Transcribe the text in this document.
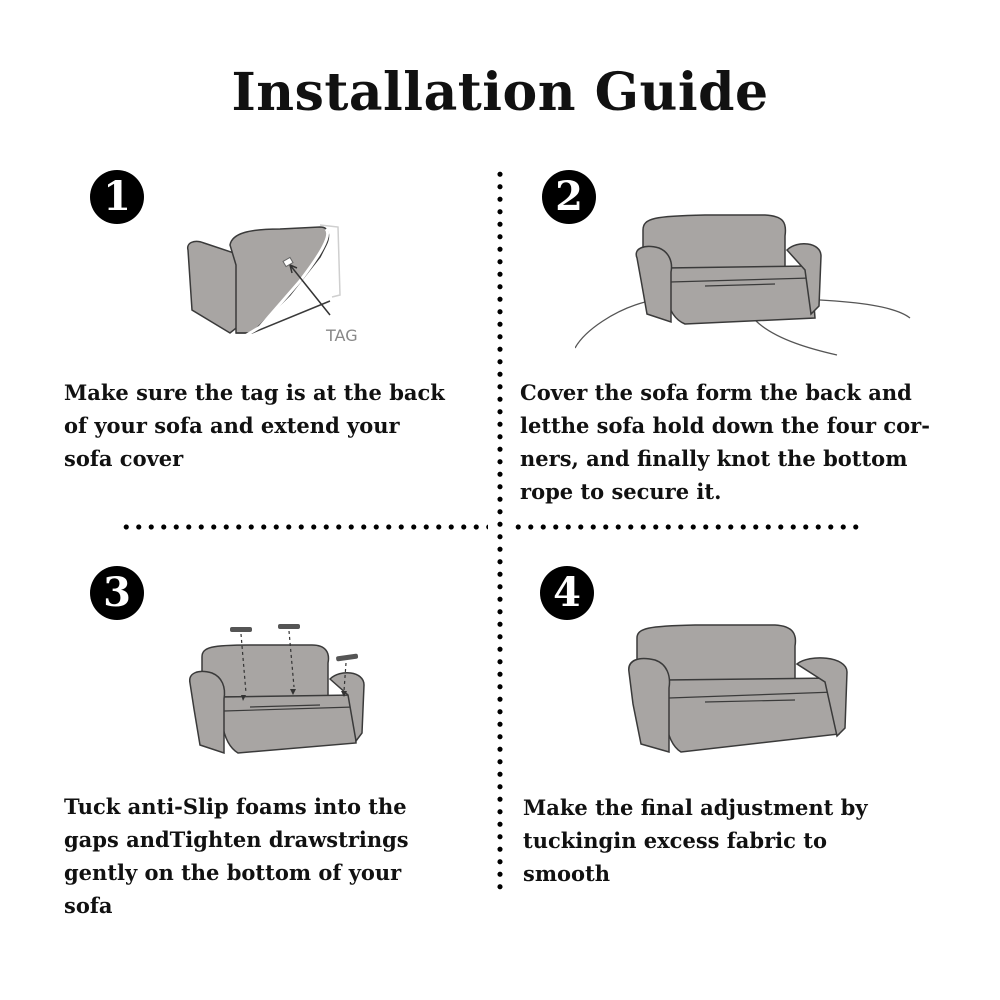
Installation Guide
1
TAG
Make sure the tag is at the back
of your sofa and extend your
sofa cover
2
Cover the sofa form the back and
letthe sofa hold down the four cor-
ners, and finally knot the bottom
rope to secure it.
3
Tuck anti-Slip foams into the
gaps andTighten drawstrings
gently on the bottom of your
sofa
4
Make the final adjustment by
tuckingin excess fabric to
smooth
